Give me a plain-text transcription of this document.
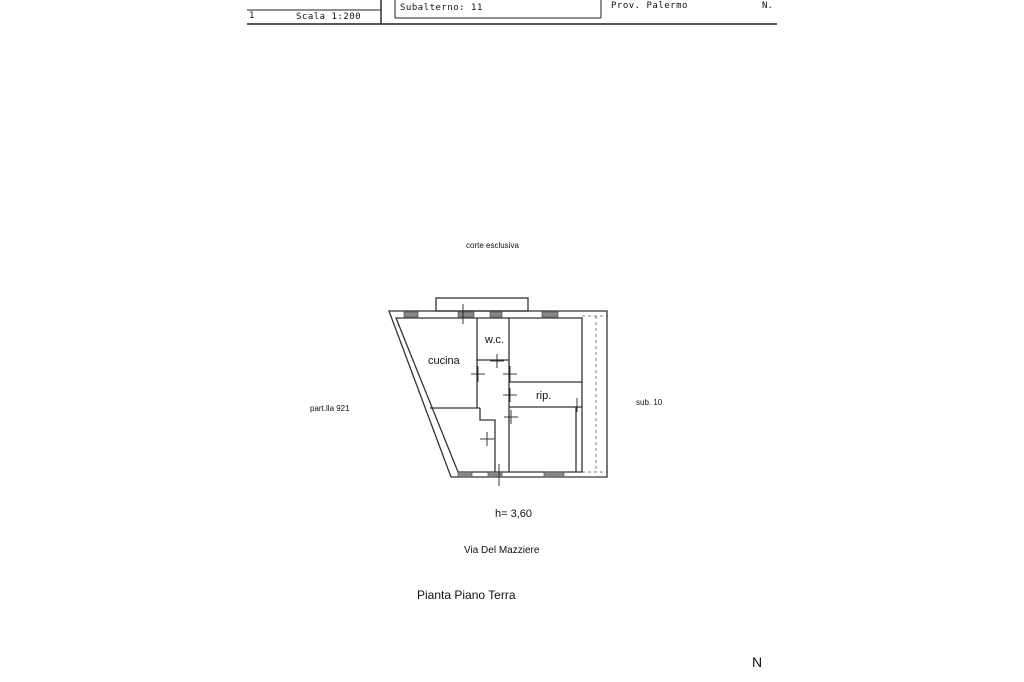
1	Scala 1:200
Subalterno: 11	Prov. Palermo	N.
corte esclusiva
part.lla 921
sub. 10
Via Del Mazziere
cucina
w.c.
rip.
h= 3,60
Pianta Piano Terra
N
